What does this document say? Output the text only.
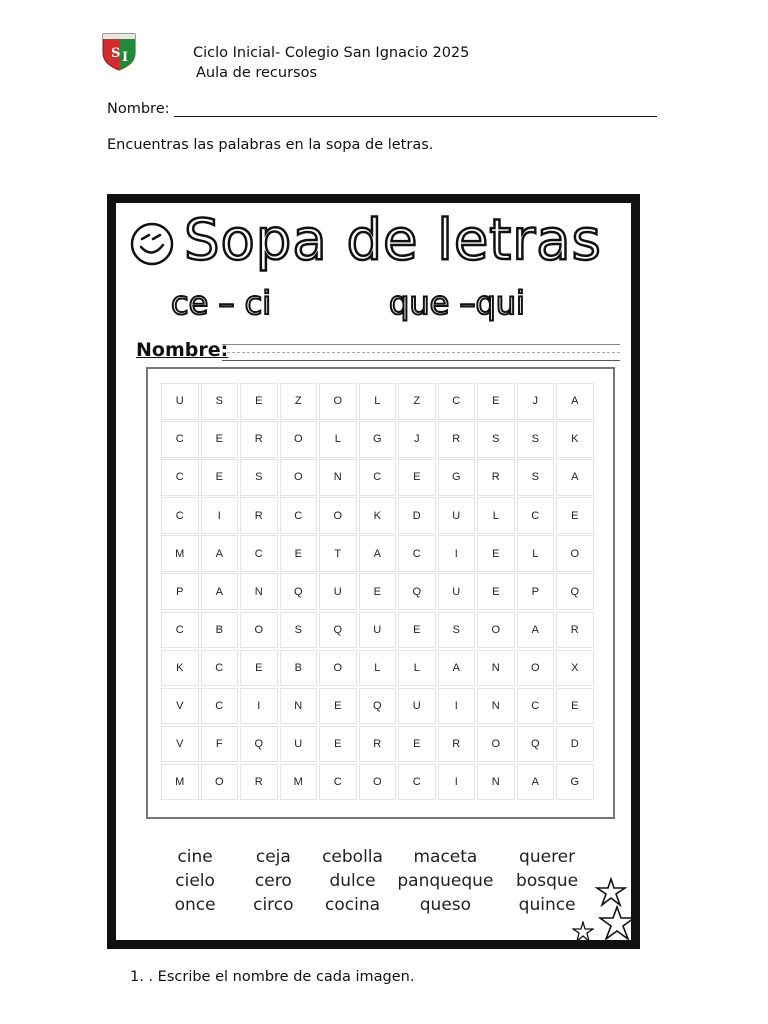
S I	Ciclo Inicial- Colegio San Ignacio 2025
Aula de recursos
Nombre:
Encuentras las palabras en la sopa de letras.
Sopa de letras
ce – ci	que –qui
Nombre:
U	S	E	Z	O	L	Z	C	E	J	A
C	E	R	O	L	G	J	R	S	S	K
C	E	S	O	N	C	E	G	R	S	A
C	I	R	C	O	K	D	U	L	C	E
M	A	C	E	T	A	C	I	E	L	O
P	A	N	Q	U	E	Q	U	E	P	Q
C	B	O	S	Q	U	E	S	O	A	R
K	C	E	B	O	L	L	A	N	O	X
V	C	I	N	E	Q	U	I	N	C	E
V	F	Q	U	E	R	E	R	O	Q	D
M	O	R	M	C	O	C	I	N	A	G
cine	ceja	cebolla	maceta	querer
cielo	cero	dulce	panqueque	bosque
once	circo	cocina	queso	quince
1. . Escribe el nombre de cada imagen.
